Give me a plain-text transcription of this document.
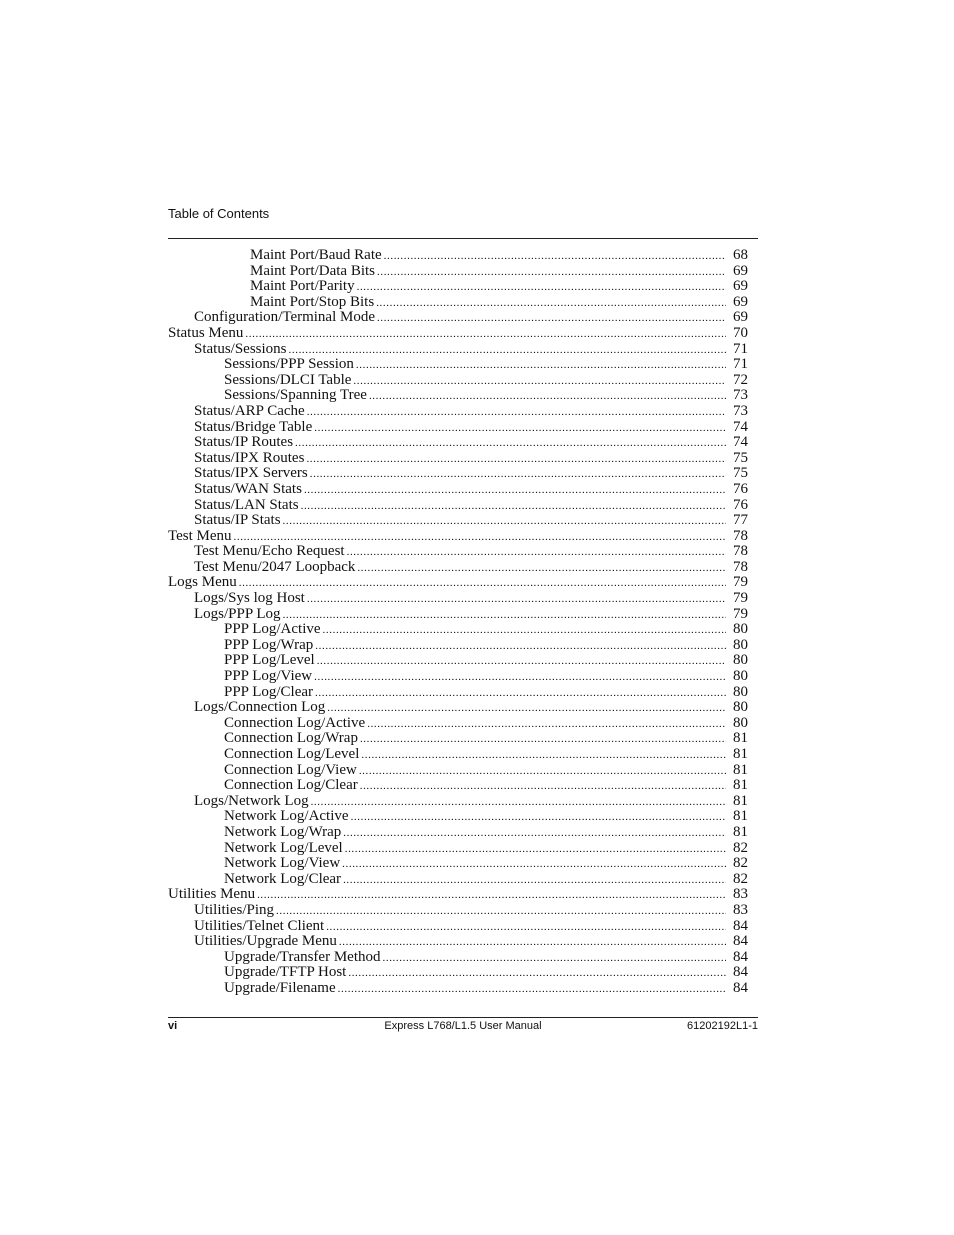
Table of Contents
Maint Port/Baud Rate .....	68
Maint Port/Data Bits .....	69
Maint Port/Parity .....	69
Maint Port/Stop Bits .....	69
Configuration/Terminal Mode .....	69
Status Menu .....	70
Status/Sessions .....	71
Sessions/PPP Session .....	71
Sessions/DLCI Table .....	72
Sessions/Spanning Tree .....	73
Status/ARP Cache .....	73
Status/Bridge Table .....	74
Status/IP Routes .....	74
Status/IPX Routes .....	75
Status/IPX Servers .....	75
Status/WAN Stats .....	76
Status/LAN Stats .....	76
Status/IP Stats .....	77
Test Menu .....	78
Test Menu/Echo Request .....	78
Test Menu/2047 Loopback .....	78
Logs Menu .....	79
Logs/Sys log Host .....	79
Logs/PPP Log .....	79
PPP Log/Active .....	80
PPP Log/Wrap .....	80
PPP Log/Level .....	80
PPP Log/View .....	80
PPP Log/Clear .....	80
Logs/Connection Log .....	80
Connection Log/Active .....	80
Connection Log/Wrap .....	81
Connection Log/Level .....	81
Connection Log/View .....	81
Connection Log/Clear .....	81
Logs/Network Log .....	81
Network Log/Active .....	81
Network Log/Wrap .....	81
Network Log/Level .....	82
Network Log/View .....	82
Network Log/Clear .....	82
Utilities Menu .....	83
Utilities/Ping .....	83
Utilities/Telnet Client .....	84
Utilities/Upgrade Menu .....	84
Upgrade/Transfer Method .....	84
Upgrade/TFTP Host .....	84
Upgrade/Filename .....	84
vi	Express L768/L1.5 User Manual	61202192L1-1
